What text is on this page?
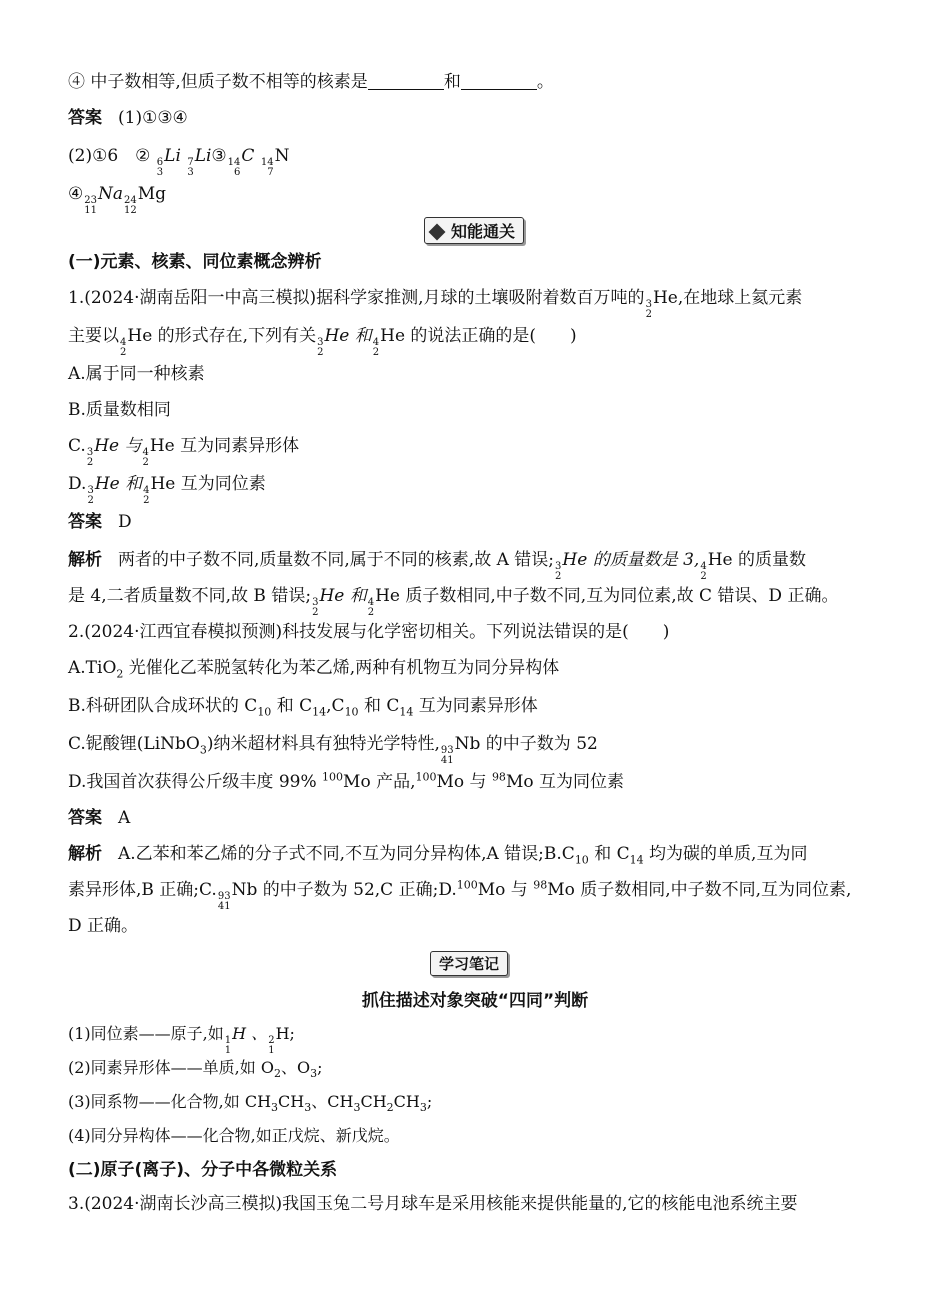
④ 中子数相等,但质子数不相等的核素是	和	。
答案 (1)①③④
(2)①6　② 6
3
Li 7
3
Li③ 14
6
C 14
7
N
④ 23
11
Na 24
12
Mg
知能通关
(一)元素、核素、同位素概念辨析
1.(2024·湖南岳阳一中高三模拟)据科学家推测,月球的土壤吸附着数百万吨的 3
2
He,在地球上氦元素
主要以 4
2
He 的形式存在,下列有关 3
2
He 和 4
2
He 的说法正确的是(　　)
A.属于同一种核素
B.质量数相同
C. 3
2
He 与 4
2
He 互为同素异形体
D. 3
2
He 和 4
2
He 互为同位素
答案 D
解析 两者的中子数不同,质量数不同,属于不同的核素,故 A 错误; 3
2
He 的质量数是 3, 4
2
He 的质量数
是 4,二者质量数不同,故 B 错误; 3
2
He 和 4
2
He 质子数相同,中子数不同,互为同位素,故 C 错误、D 正确。
2.(2024·江西宜春模拟预测)科技发展与化学密切相关。下列说法错误的是(　　)
A.TiO$_2$ 光催化乙苯脱氢转化为苯乙烯,两种有机物互为同分异构体
B.科研团队合成环状的 $C_{10}$ 和 $C_{14},C_{10}$ 和 $C_{14}$ 互为同素异形体
C.铌酸锂(LiNbO$_3$)纳米超材料具有独特光学特性, 93
41
Nb 的中子数为 52
D.我国首次获得公斤级丰度 99% $^{100}$Mo 产品,$^{100}$Mo 与 $^{98}$Mo 互为同位素
答案 A
解析 A.乙苯和苯乙烯的分子式不同,不互为同分异构体,A 错误$;B.C_{10}$ 和 $C_{14}$ 均为碳的单质,互为同
素异形体,B 正确;C. 93
41
Nb 的中子数为 52,C 正确;D.$^{100}$Mo 与 $^{98}$Mo 质子数相同,中子数不同,互为同位素,
D 正确。
学习笔记
抓住描述对象突破“四同”判断
(1)同位素——原子,如 1
1
H 、 2
1
H;
(2)同素异形体——单质,如 $O_2$、$O_3$;
(3)同系物——化合物,如 $CH_3CH_3$、$CH_3CH_2CH_3$;
(4)同分异构体——化合物,如正戊烷、新戊烷。
(二)原子(离子)、分子中各微粒关系
3.(2024·湖南长沙高三模拟)我国玉兔二号月球车是采用核能来提供能量的,它的核能电池系统主要
